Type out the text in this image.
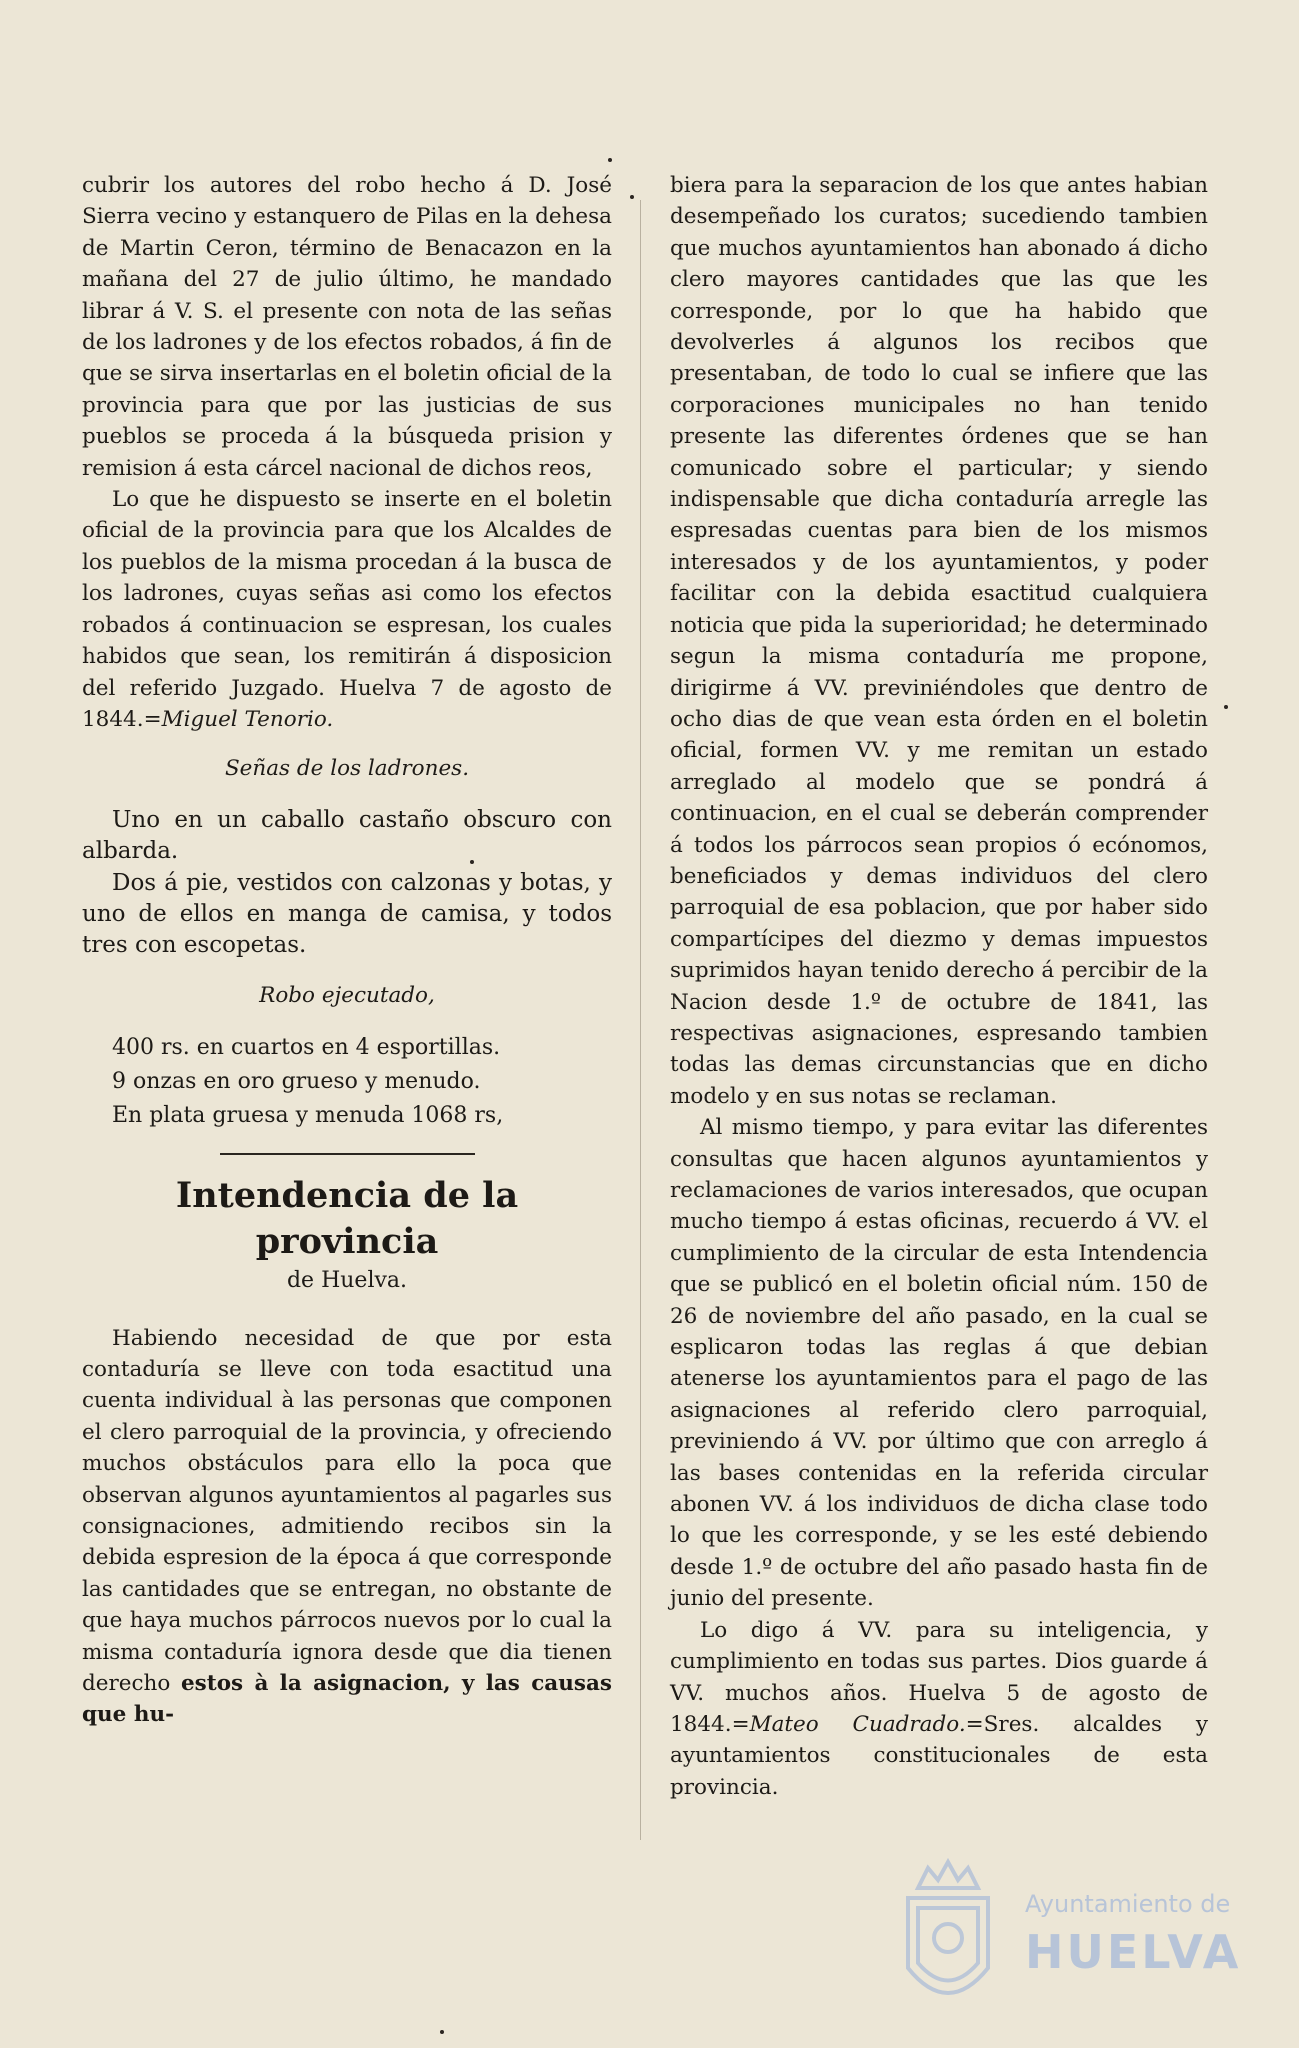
cubrir los autores del robo hecho á D. José Sierra vecino y estanquero de Pilas en la dehesa de Martin Ceron, término de Benacazon en la mañana del 27 de julio último, he mandado librar á V. S. el presente con nota de las señas de los ladrones y de los efectos robados, á fin de que se sirva insertarlas en el boletin oficial de la provincia para que por las justicias de sus pueblos se proceda á la búsqueda prision y remision á esta cárcel nacional de dichos reos,

Lo que he dispuesto se inserte en el boletin oficial de la provincia para que los Alcaldes de los pueblos de la misma procedan á la busca de los ladrones, cuyas señas asi como los efectos robados á continuacion se espresan, los cuales habidos que sean, los remitirán á disposicion del referido Juzgado. Huelva 7 de agosto de 1844.=Miguel Tenorio.

Señas de los ladrones.

Uno en un caballo castaño obscuro con albarda.

Dos á pie, vestidos con calzonas y botas, y uno de ellos en manga de camisa, y todos tres con escopetas.

Robo ejecutado,

400 rs. en cuartos en 4 esportillas.

9 onzas en oro grueso y menudo.

En plata gruesa y menuda 1068 rs,

Intendencia de la provincia
de Huelva.

Habiendo necesidad de que por esta contaduría se lleve con toda esactitud una cuenta individual à las personas que componen el clero parroquial de la provincia, y ofreciendo muchos obstáculos para ello la poca que observan algunos ayuntamientos al pagarles sus consignaciones, admitiendo recibos sin la debida espresion de la época á que corresponde las cantidades que se entregan, no obstante de que haya muchos párrocos nuevos por lo cual la misma contaduría ignora desde que dia tienen derecho estos à la asignacion, y las causas que hu-

biera para la separacion de los que antes habian desempeñado los curatos; sucediendo tambien que muchos ayuntamientos han abonado á dicho clero mayores cantidades que las que les corresponde, por lo que ha habido que devolverles á algunos los recibos que presentaban, de todo lo cual se infiere que las corporaciones municipales no han tenido presente las diferentes órdenes que se han comunicado sobre el particular; y siendo indispensable que dicha contaduría arregle las espresadas cuentas para bien de los mismos interesados y de los ayuntamientos, y poder facilitar con la debida esactitud cualquiera noticia que pida la superioridad; he determinado segun la misma contaduría me propone, dirigirme á VV. previniéndoles que dentro de ocho dias de que vean esta órden en el boletin oficial, formen VV. y me remitan un estado arreglado al modelo que se pondrá á continuacion, en el cual se deberán comprender á todos los párrocos sean propios ó ecónomos, beneficiados y demas individuos del clero parroquial de esa poblacion, que por haber sido compartícipes del diezmo y demas impuestos suprimidos hayan tenido derecho á percibir de la Nacion desde 1.º de octubre de 1841, las respectivas asignaciones, espresando tambien todas las demas circunstancias que en dicho modelo y en sus notas se reclaman.

Al mismo tiempo, y para evitar las diferentes consultas que hacen algunos ayuntamientos y reclamaciones de varios interesados, que ocupan mucho tiempo á estas oficinas, recuerdo á VV. el cumplimiento de la circular de esta Intendencia que se publicó en el boletin oficial núm. 150 de 26 de noviembre del año pasado, en la cual se esplicaron todas las reglas á que debian atenerse los ayuntamientos para el pago de las asignaciones al referido clero parroquial, previniendo á VV. por último que con arreglo á las bases contenidas en la referida circular abonen VV. á los individuos de dicha clase todo lo que les corresponde, y se les esté debiendo desde 1.º de octubre del año pasado hasta fin de junio del presente.

Lo digo á VV. para su inteligencia, y cumplimiento en todas sus partes. Dios guarde á VV. muchos años. Huelva 5 de agosto de 1844.=Mateo Cuadrado.=Sres. alcaldes y ayuntamientos constitucionales de esta provincia.

Ayuntamiento de
HUELVA
